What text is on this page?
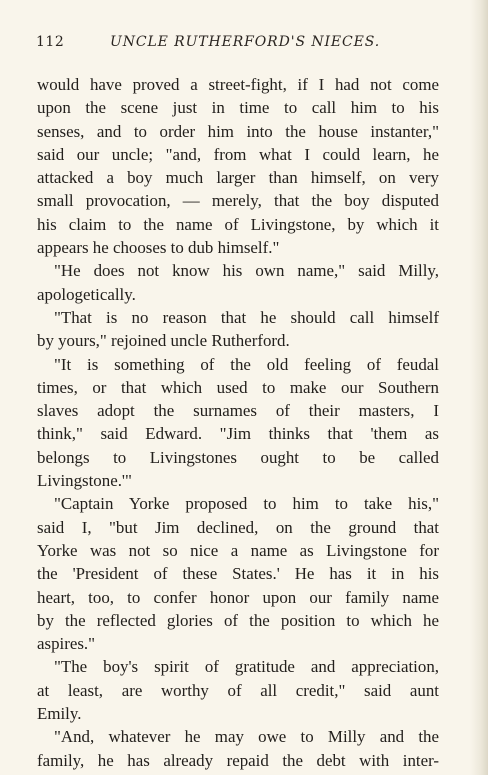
112	UNCLE RUTHERFORD'S NIECES.

would have proved a street-fight, if I had not come
upon the scene just in time to call him to his
senses, and to order him into the house instanter,"
said our uncle; "and, from what I could learn, he
attacked a boy much larger than himself, on very
small provocation, — merely, that the boy disputed
his claim to the name of Livingstone, by which it
appears he chooses to dub himself."

"He does not know his own name," said Milly,
apologetically.

"That is no reason that he should call himself
by yours," rejoined uncle Rutherford.

"It is something of the old feeling of feudal
times, or that which used to make our Southern
slaves adopt the surnames of their masters, I
think," said Edward. "Jim thinks that 'them as
belongs to Livingstones ought to be called
Livingstone.'"

"Captain Yorke proposed to him to take his,"
said I, "but Jim declined, on the ground that
Yorke was not so nice a name as Livingstone for
the 'President of these States.' He has it in his
heart, too, to confer honor upon our family name
by the reflected glories of the position to which he
aspires."

"The boy's spirit of gratitude and appreciation,
at least, are worthy of all credit," said aunt
Emily.

"And, whatever he may owe to Milly and the
family, he has already repaid the debt with inter-
